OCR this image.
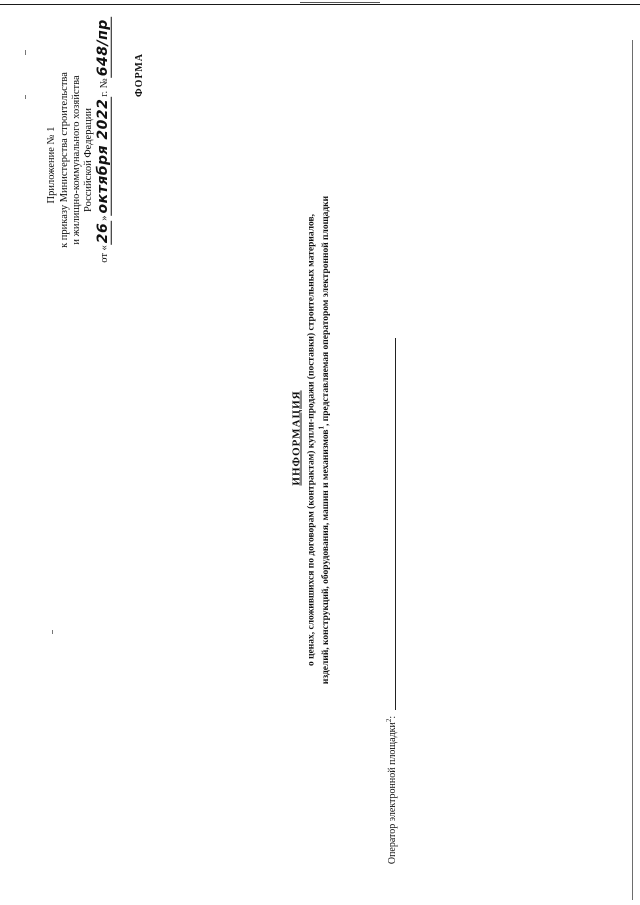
Приложение № 1 к приказу Министерства строительства и жилищно-коммунального хозяйства Российской Федерации
от «26»октября 2022г. №648/пр ФОРМА
ИНФОРМАЦИЯ о ценах, сложившихся по договорам (контрактам) купли-продажи (поставки) строительных материалов, изделий, конструкций, оборудования, машин и механизмов$^1$, представляемая оператором электронной площадки
Оператор электронной площадки$^2$:
